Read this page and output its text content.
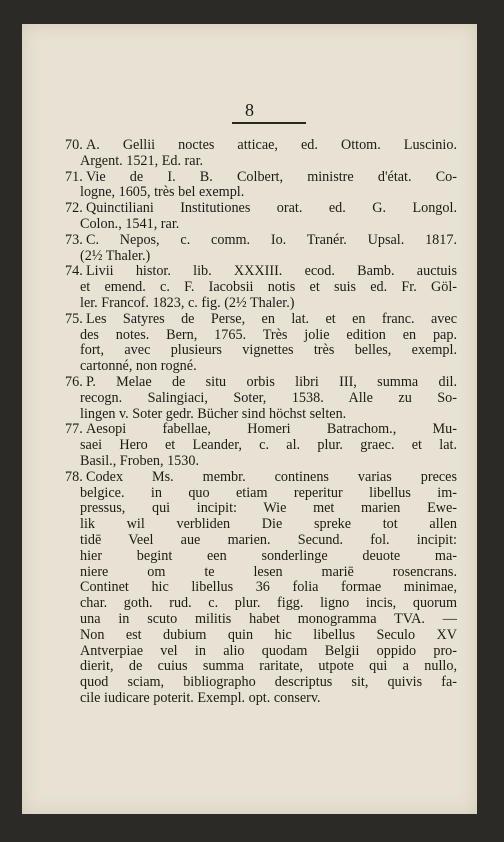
8
70. A. Gellii noctes atticae, ed. Ottom. Luscinio.
Argent. 1521, Ed. rar.
71. Vie de I. B. Colbert, ministre d'état. Co-
logne, 1605, très bel exempl.
72. Quinctiliani Institutiones orat. ed. G. Longol.
Colon., 1541, rar.
73. C. Nepos, c. comm. Io. Tranér. Upsal. 1817.
(2½ Thaler.)
74. Livii histor. lib. XXXIII. ecod. Bamb. auctuis
et emend. c. F. Iacobsii notis et suis ed. Fr. Göl-
ler. Francof. 1823, c. fig. (2½ Thaler.)
75. Les Satyres de Perse, en lat. et en franc. avec
des notes. Bern, 1765. Très jolie edition en pap.
fort, avec plusieurs vignettes très belles, exempl.
cartonné, non rogné.
76. P. Melae de situ orbis libri III, summa dil.
recogn. Salingiaci, Soter, 1538. Alle zu So-
lingen v. Soter gedr. Bücher sind höchst selten.
77. Aesopi fabellae, Homeri Batrachom., Mu-
saei Hero et Leander, c. al. plur. graec. et lat.
Basil., Froben, 1530.
78. Codex Ms. membr. continens varias preces
belgice. in quo etiam reperitur libellus im-
pressus, qui incipit: Wie met marien Ewe-
lik wil verbliden Die spreke tot allen
tidē Veel aue marien. Secund. fol. incipit:
hier begint een sonderlinge deuote ma-
niere om te lesen mariē rosencrans.
Continet hic libellus 36 folia formae minimae,
char. goth. rud. c. plur. figg. ligno incis, quorum
una in scuto militis habet monogramma TVA. —
Non est dubium quin hic libellus Seculo XV
Antverpiae vel in alio quodam Belgii oppido pro-
dierit, de cuius summa raritate, utpote qui a nullo,
quod sciam, bibliographo descriptus sit, quivis fa-
cile iudicare poterit. Exempl. opt. conserv.
